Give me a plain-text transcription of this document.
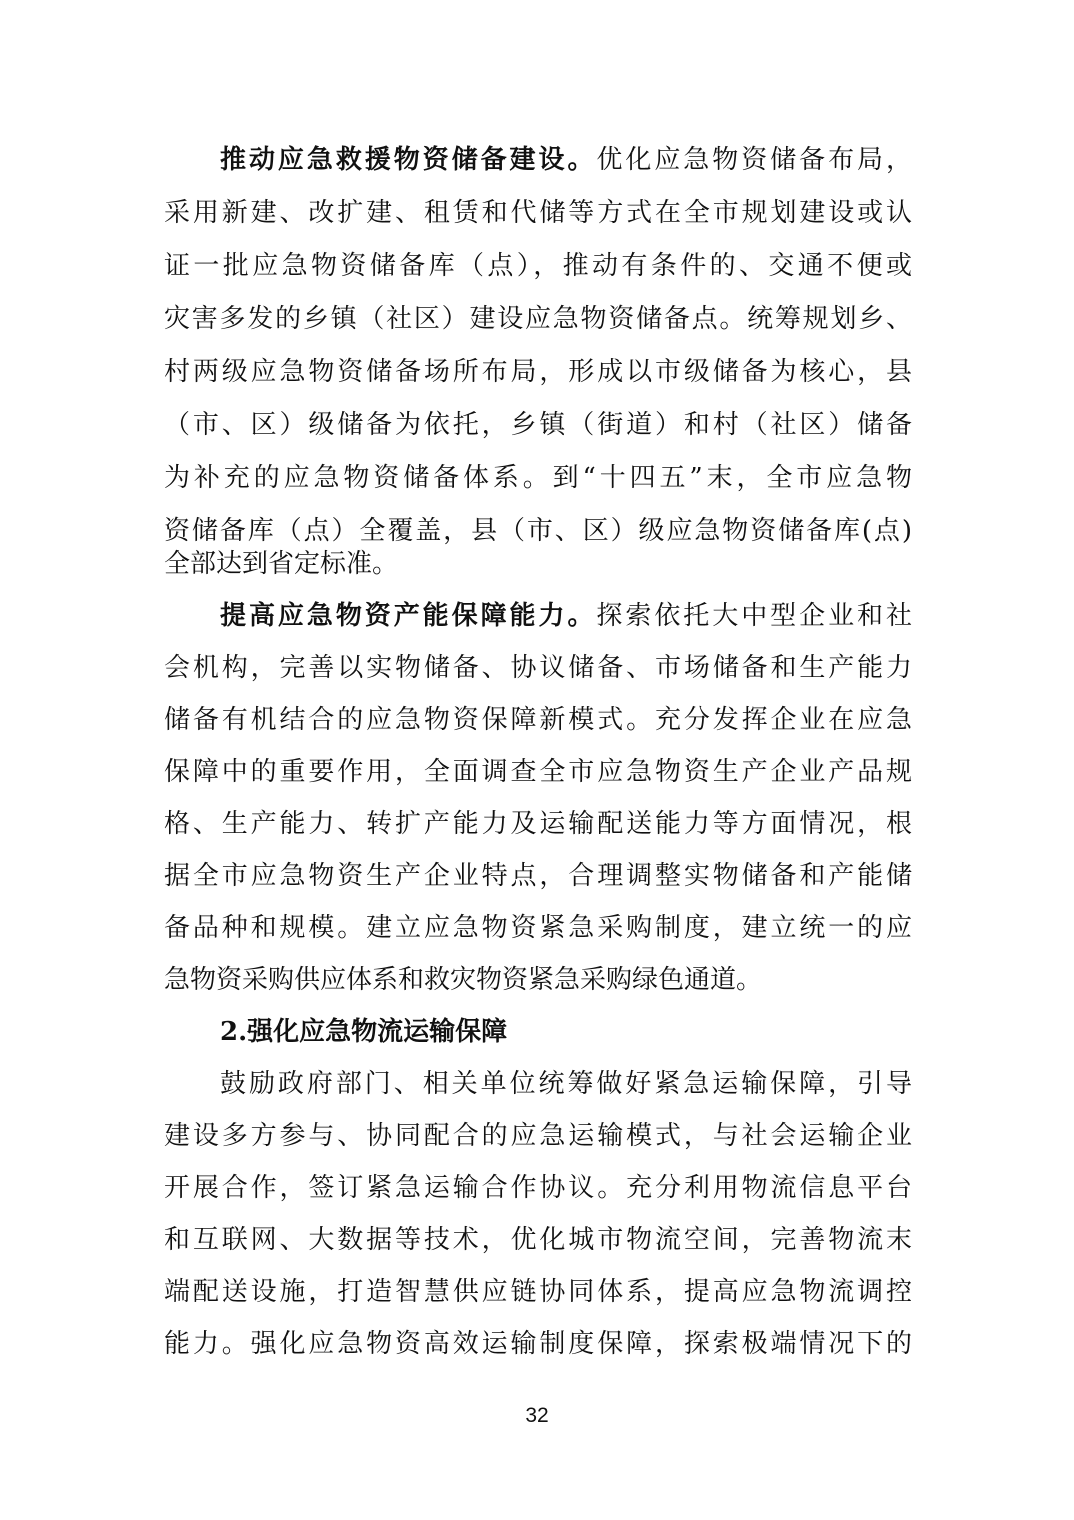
推动应急救援物资储备建设。优化应急物资储备布局，
采用新建、改扩建、租赁和代储等方式在全市规划建设或认
证一批应急物资储备库（点），推动有条件的、交通不便或
灾害多发的乡镇（社区）建设应急物资储备点。统筹规划乡、
村两级应急物资储备场所布局，形成以市级储备为核心，县
（市、区）级储备为依托，乡镇（街道）和村（社区）储备
为补充的应急物资储备体系。到“十四五”末，全市应急物
资储备库（点）全覆盖，县（市、区）级应急物资储备库(点)
全部达到省定标准。
提高应急物资产能保障能力。探索依托大中型企业和社
会机构，完善以实物储备、协议储备、市场储备和生产能力
储备有机结合的应急物资保障新模式。充分发挥企业在应急
保障中的重要作用，全面调查全市应急物资生产企业产品规
格、生产能力、转扩产能力及运输配送能力等方面情况，根
据全市应急物资生产企业特点，合理调整实物储备和产能储
备品种和规模。建立应急物资紧急采购制度，建立统一的应
急物资采购供应体系和救灾物资紧急采购绿色通道。
2.强化应急物流运输保障
鼓励政府部门、相关单位统筹做好紧急运输保障，引导
建设多方参与、协同配合的应急运输模式，与社会运输企业
开展合作，签订紧急运输合作协议。充分利用物流信息平台
和互联网、大数据等技术，优化城市物流空间，完善物流末
端配送设施，打造智慧供应链协同体系，提高应急物流调控
能力。强化应急物资高效运输制度保障，探索极端情况下的
32
